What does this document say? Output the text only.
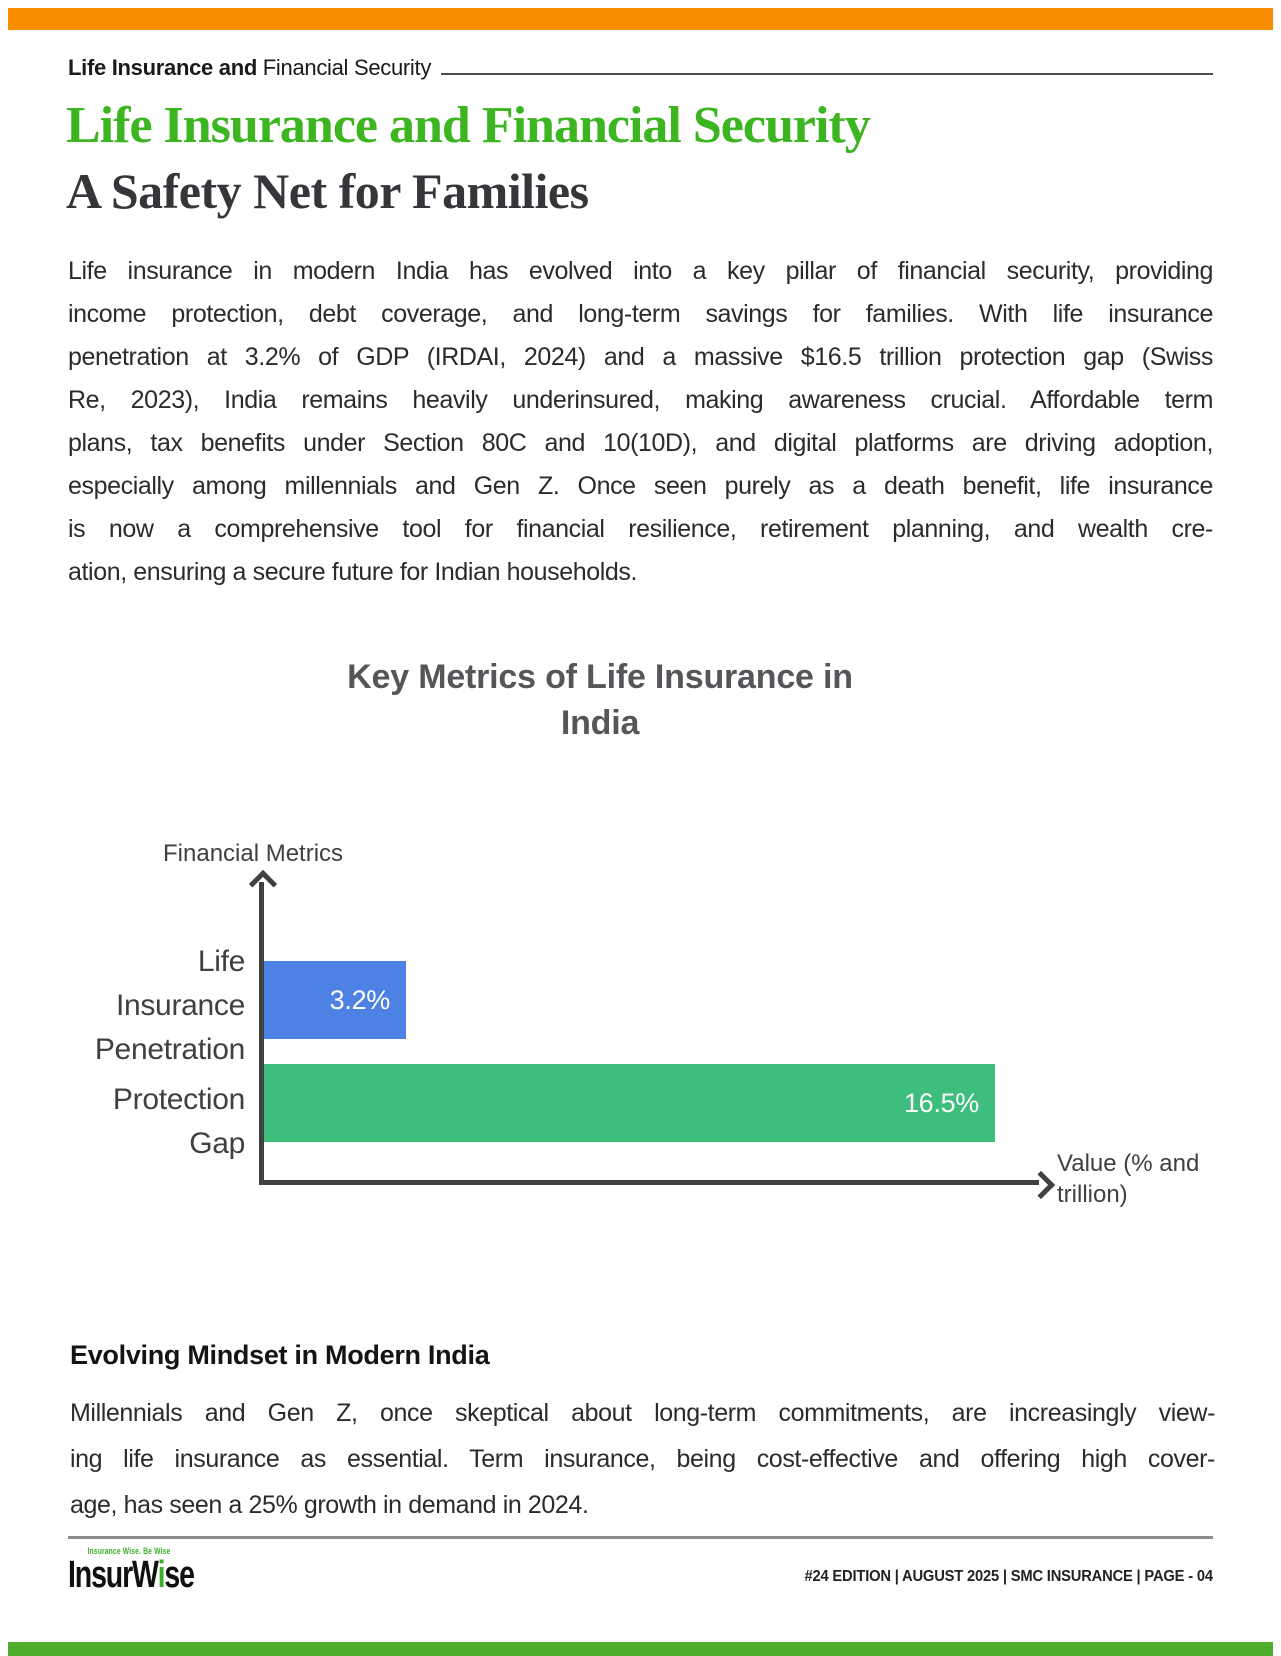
Life Insurance and Financial Security
Life Insurance and Financial Security
A Safety Net for Families
Life insurance in modern India has evolved into a key pillar of financial security, providing
income protection, debt coverage, and long-term savings for families. With life insurance
penetration at 3.2% of GDP (IRDAI, 2024) and a massive $16.5 trillion protection gap (Swiss
Re, 2023), India remains heavily underinsured, making awareness crucial. Affordable term
plans, tax benefits under Section 80C and 10(10D), and digital platforms are driving adoption,
especially among millennials and Gen Z. Once seen purely as a death benefit, life insurance
is now a comprehensive tool for financial resilience, retirement planning, and wealth cre-
ation, ensuring a secure future for Indian households.
Key Metrics of Life Insurance in
India
Financial Metrics
Life Insurance Penetration
Protection Gap
3.2%
16.5%
Value (% and trillion)
Evolving Mindset in Modern India
Millennials and Gen Z, once skeptical about long-term commitments, are increasingly view-
ing life insurance as essential. Term insurance, being cost-effective and offering high cover-
age, has seen a 25% growth in demand in 2024.
Insurance Wise. Be Wise
InsurWise	#24 EDITION | AUGUST 2025 | SMC INSURANCE | PAGE - 04
